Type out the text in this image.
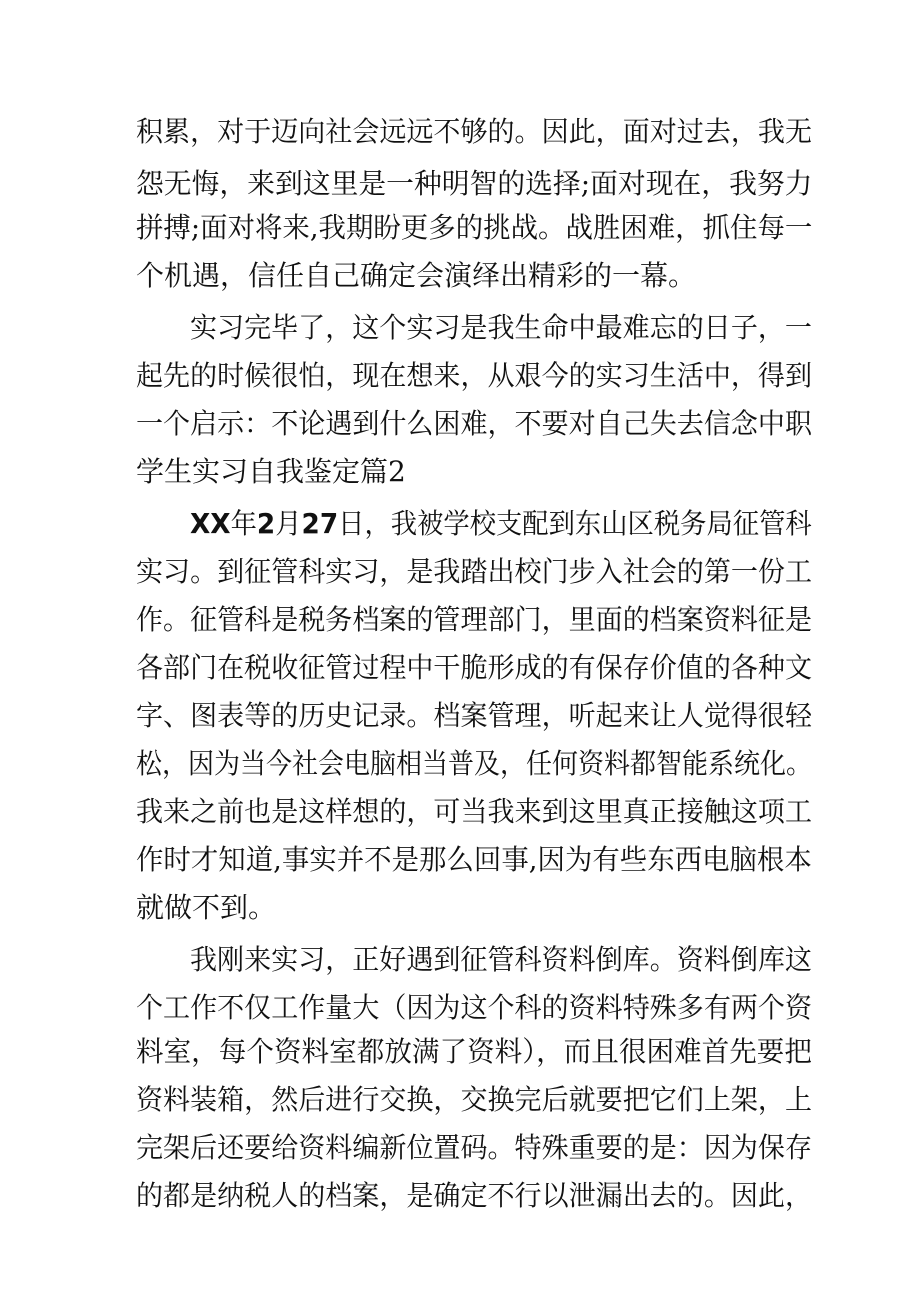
积累，对于迈向社会远远不够的。因此，面对过去，我无
怨无悔，来到这里是一种明智的选择;面对现在，我努力
拼搏;面对将来,我期盼更多的挑战。战胜困难，抓住每一
个机遇，信任自己确定会演绎出精彩的一幕。
实习完毕了，这个实习是我生命中最难忘的日子，一
起先的时候很怕，现在想来，从艰今的实习生活中，得到
一个启示：不论遇到什么困难，不要对自己失去信念中职
学生实习自我鉴定篇2
XX年2月27日，我被学校支配到东山区税务局征管科
实习。到征管科实习，是我踏出校门步入社会的第一份工
作。征管科是税务档案的管理部门，里面的档案资料征是
各部门在税收征管过程中干脆形成的有保存价值的各种文
字、图表等的历史记录。档案管理，听起来让人觉得很轻
松，因为当今社会电脑相当普及，任何资料都智能系统化。
我来之前也是这样想的，可当我来到这里真正接触这项工
作时才知道,事实并不是那么回事,因为有些东西电脑根本
就做不到。
我刚来实习，正好遇到征管科资料倒库。资料倒库这
个工作不仅工作量大（因为这个科的资料特殊多有两个资
料室，每个资料室都放满了资料），而且很困难首先要把
资料装箱，然后进行交换，交换完后就要把它们上架，上
完架后还要给资料编新位置码。特殊重要的是：因为保存
的都是纳税人的档案，是确定不行以泄漏出去的。因此，
